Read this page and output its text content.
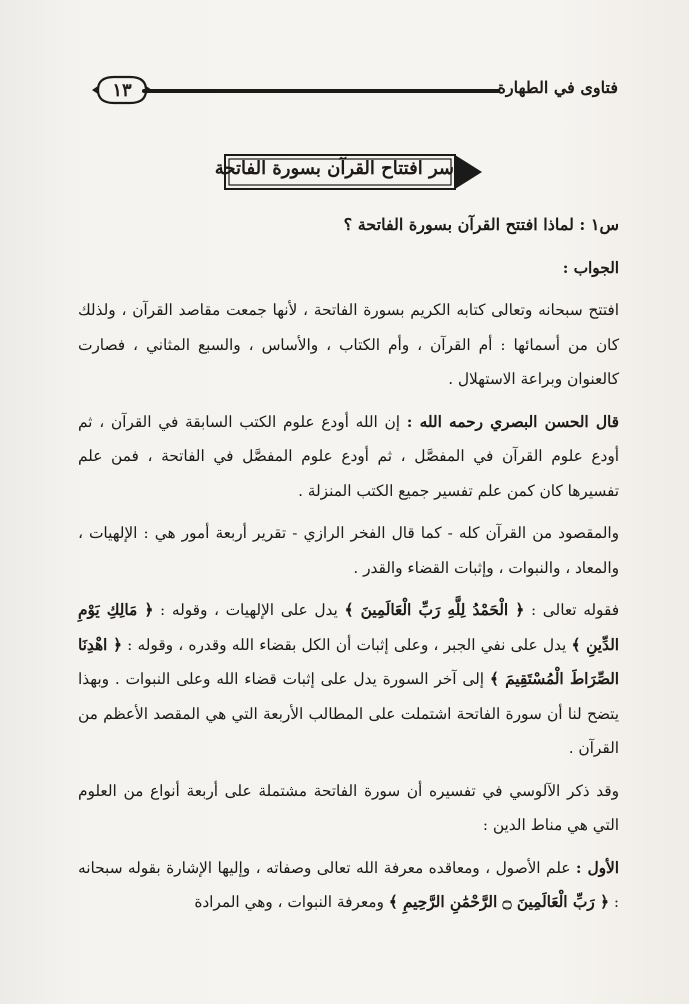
١٣	فتاوى في الطهارة
سر افتتاح القرآن بسورة الفاتحة

س١ : لماذا افتتح القرآن بسورة الفاتحة ؟

الجواب :

افتتح سبحانه وتعالى كتابه الكريم بسورة الفاتحة ، لأنها جمعت مقاصد القرآن ، ولذلك كان من أسمائها : أم القرآن ، وأم الكتاب ، والأساس ، والسبع المثاني ، فصارت كالعنوان وبراعة الاستهلال .

قال الحسن البصري رحمه الله : إن الله أودع علوم الكتب السابقة في القرآن ، ثم أودع علوم القرآن في المفصَّل ، ثم أودع علوم المفصَّل في الفاتحة ، فمن علم تفسيرها كان كمن علم تفسير جميع الكتب المنزلة .

والمقصود من القرآن كله - كما قال الفخر الرازي - تقرير أربعة أمور هي : الإلهيات ، والمعاد ، والنبوات ، وإثبات القضاء والقدر .

فقوله تعالى : ﴿ الْحَمْدُ لِلَّهِ رَبِّ الْعَالَمِينَ ﴾ يدل على الإلهيات ، وقوله : ﴿ مَالِكِ يَوْمِ الدِّينِ ﴾ يدل على نفي الجبر ، وعلى إثبات أن الكل بقضاء الله وقدره ، وقوله : ﴿ اهْدِنَا الصِّرَاطَ الْمُسْتَقِيمَ ﴾ إلى آخر السورة يدل على إثبات قضاء الله وعلى النبوات . وبهذا يتضح لنا أن سورة الفاتحة اشتملت على المطالب الأربعة التي هي المقصد الأعظم من القرآن .

وقد ذكر الآلوسي في تفسيره أن سورة الفاتحة مشتملة على أربعة أنواع من العلوم التي هي مناط الدين :

الأول : علم الأصول ، ومعاقده معرفة الله تعالى وصفاته ، وإليها الإشارة بقوله سبحانه : ﴿ رَبِّ الْعَالَمِينَ ۝ الرَّحْمَٰنِ الرَّحِيمِ ﴾ ومعرفة النبوات ، وهي المرادة
